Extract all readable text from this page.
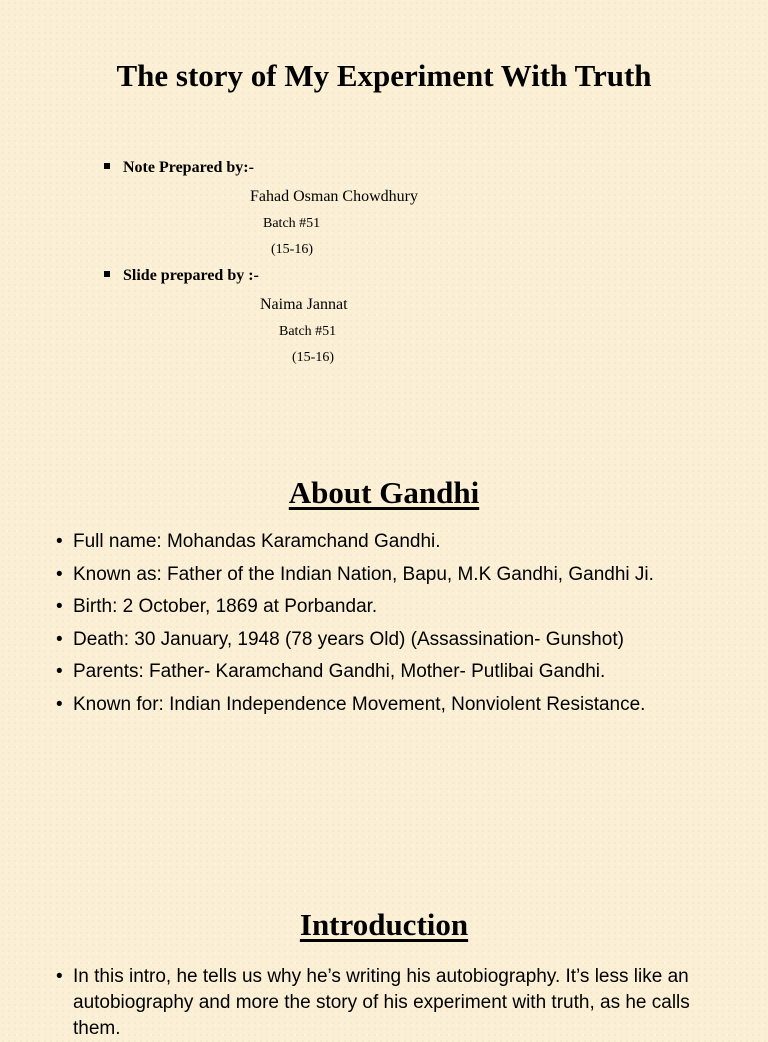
The story of My Experiment With Truth
Note Prepared by:-
Fahad Osman Chowdhury
Batch #51
(15-16)
Slide prepared by :-
Naima Jannat
Batch #51
(15-16)
About Gandhi
• Full name: Mohandas Karamchand Gandhi.
• Known as: Father of the Indian Nation, Bapu, M.K Gandhi, Gandhi Ji.
• Birth: 2 October, 1869 at Porbandar.
• Death: 30 January, 1948 (78 years Old) (Assassination- Gunshot)
• Parents: Father- Karamchand Gandhi, Mother- Putlibai Gandhi.
• Known for: Indian Independence Movement, Nonviolent Resistance.
Introduction
• In this intro, he tells us why he’s writing his autobiography. It’s less like an autobiography and more the story of his experiment with truth, as he calls them.
